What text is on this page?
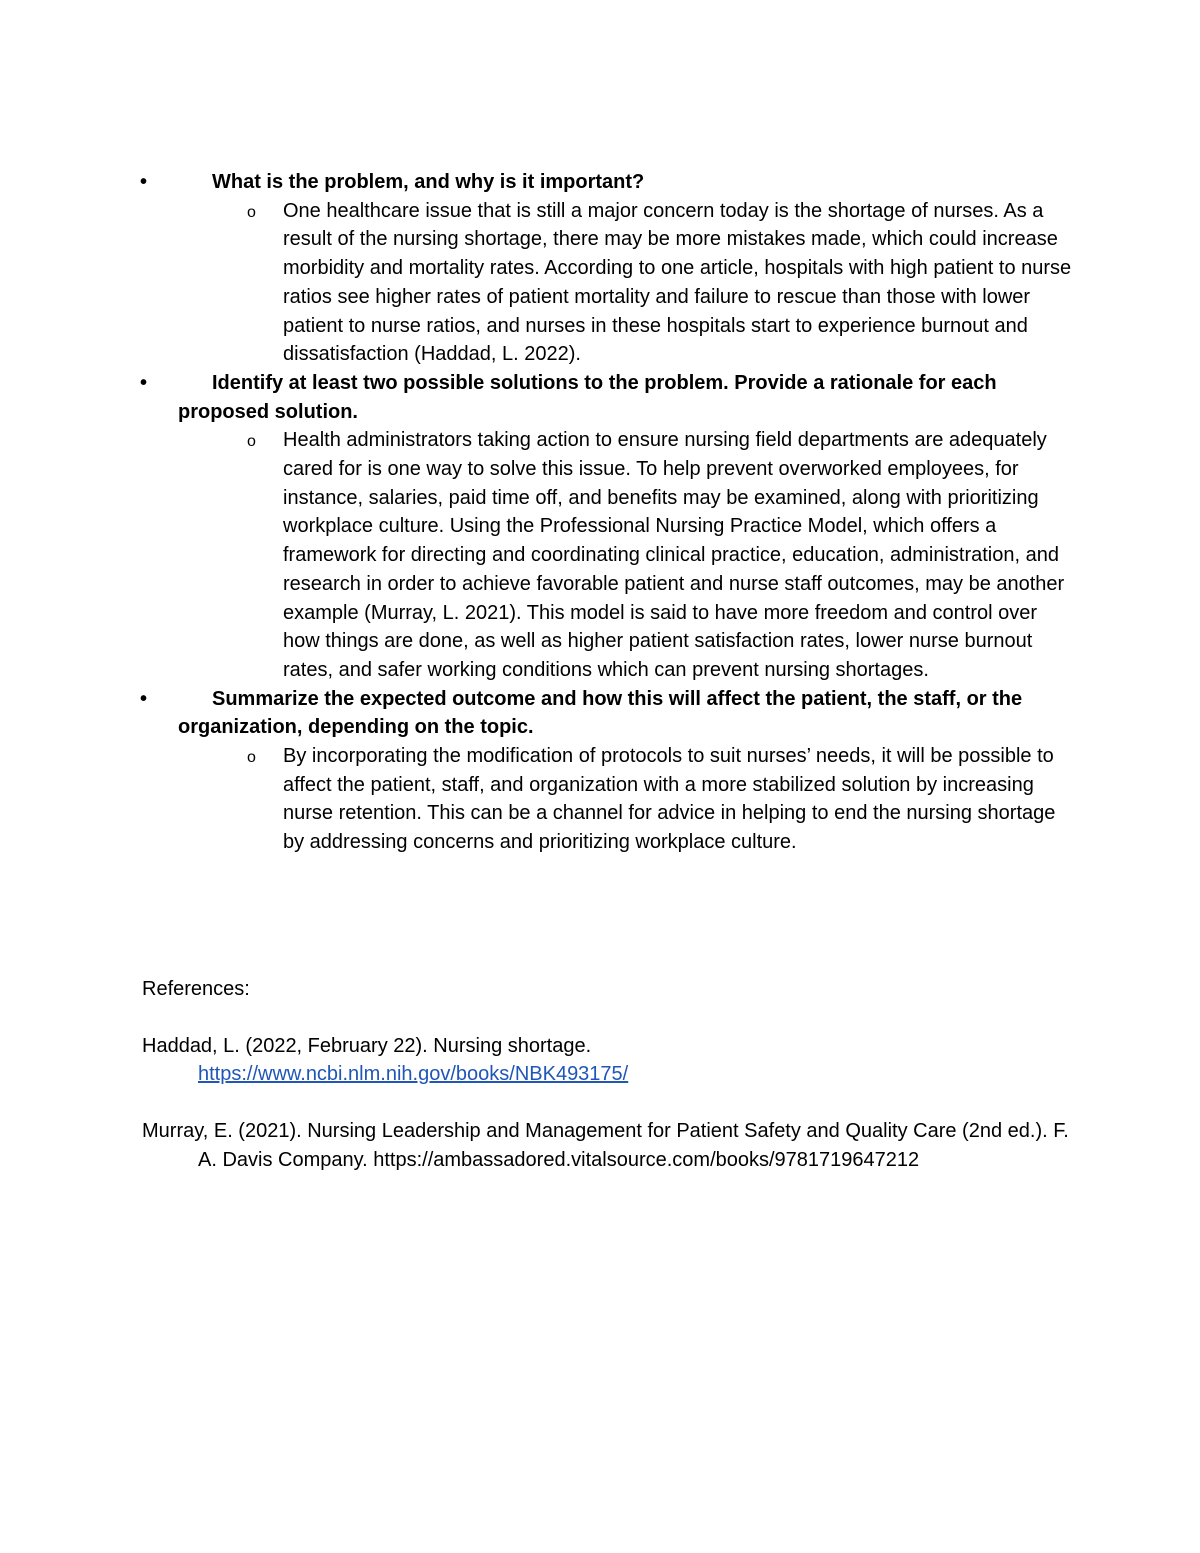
•	What is the problem, and why is it important?
o One healthcare issue that is still a major concern today is the shortage of nurses. As a result of the nursing shortage, there may be more mistakes made, which could increase morbidity and mortality rates. According to one article, hospitals with high patient to nurse ratios see higher rates of patient mortality and failure to rescue than those with lower patient to nurse ratios, and nurses in these hospitals start to experience burnout and dissatisfaction (Haddad, L. 2022).
•	Identify at least two possible solutions to the problem. Provide a rationale for each proposed solution.
o Health administrators taking action to ensure nursing field departments are adequately cared for is one way to solve this issue. To help prevent overworked employees, for instance, salaries, paid time off, and benefits may be examined, along with prioritizing workplace culture. Using the Professional Nursing Practice Model, which offers a framework for directing and coordinating clinical practice, education, administration, and research in order to achieve favorable patient and nurse staff outcomes, may be another example (Murray, L. 2021). This model is said to have more freedom and control over how things are done, as well as higher patient satisfaction rates, lower nurse burnout rates, and safer working conditions which can prevent nursing shortages.
•	Summarize the expected outcome and how this will affect the patient, the staff, or the organization, depending on the topic.
o By incorporating the modification of protocols to suit nurses’ needs, it will be possible to affect the patient, staff, and organization with a more stabilized solution by increasing nurse retention. This can be a channel for advice in helping to end the nursing shortage by addressing concerns and prioritizing workplace culture.
References:
Haddad, L. (2022, February 22). Nursing shortage.
https://www.ncbi.nlm.nih.gov/books/NBK493175/
Murray, E. (2021). Nursing Leadership and Management for Patient Safety and Quality Care (2nd ed.). F. A. Davis Company. https://ambassadored.vitalsource.com/books/9781719647212
